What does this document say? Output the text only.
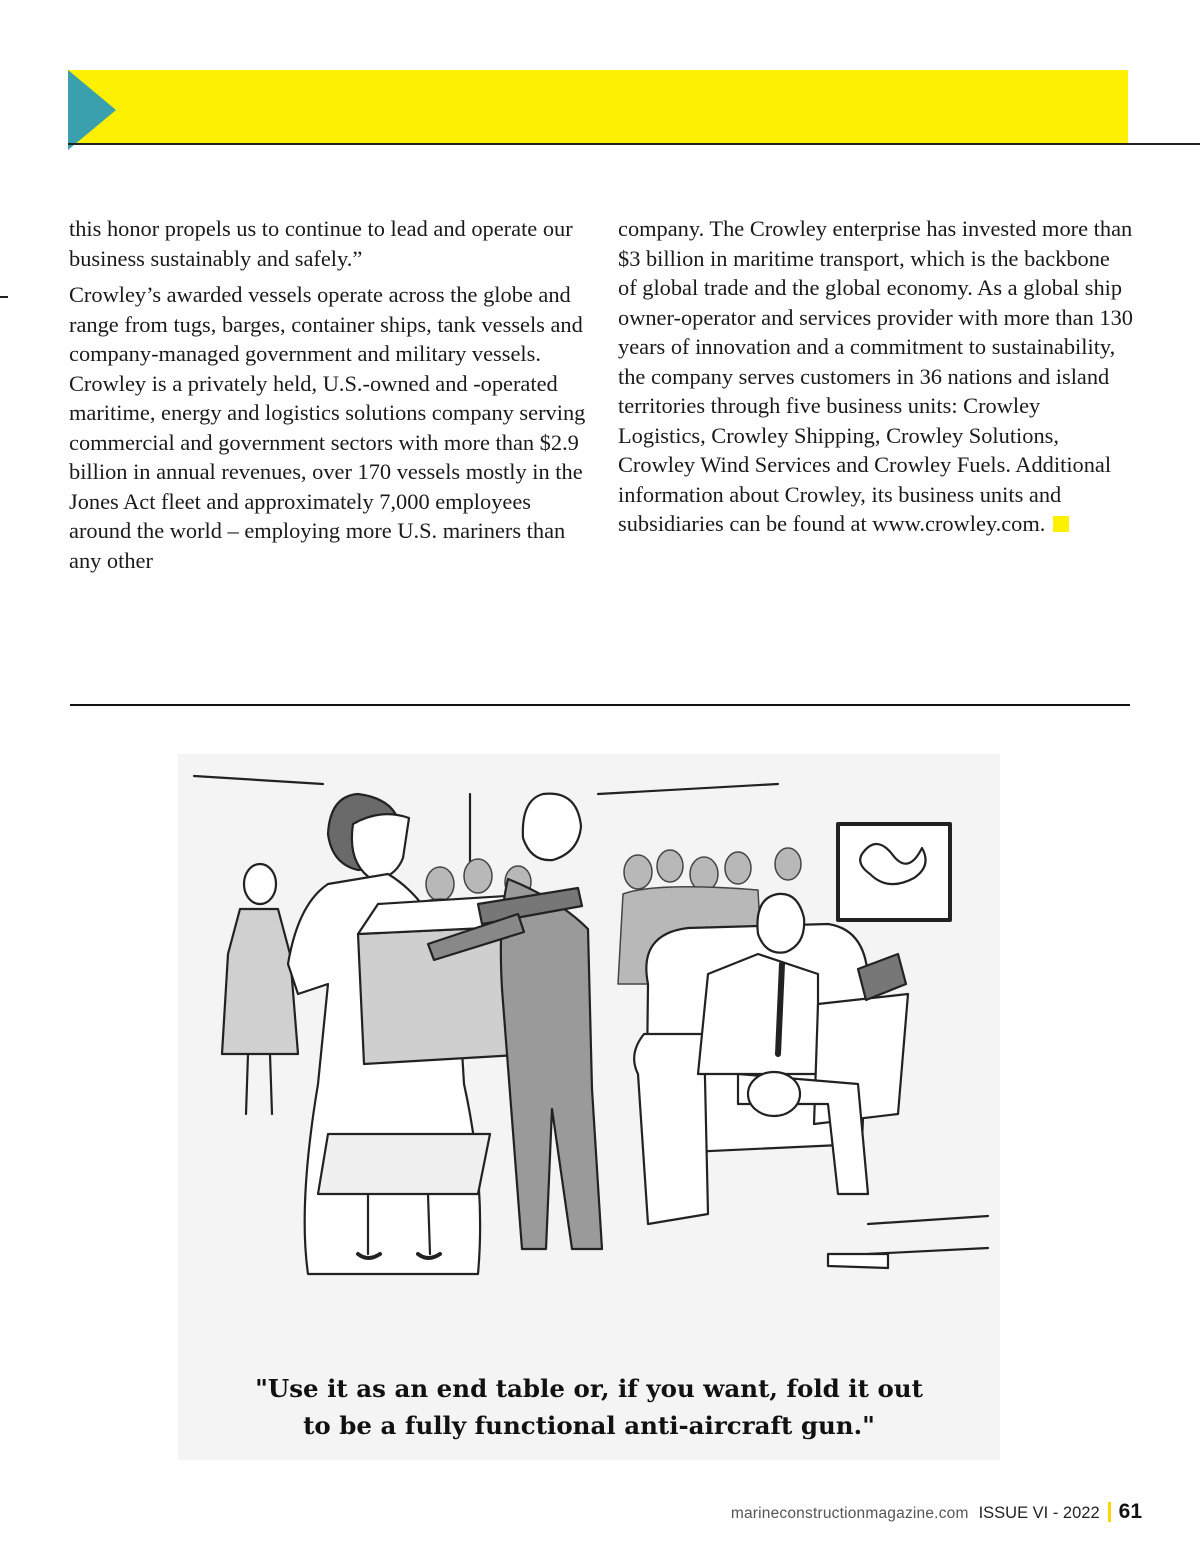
this honor propels us to continue to lead and operate our business sustainably and safely.”

Crowley’s awarded vessels operate across the globe and range from tugs, barges, container ships, tank vessels and company-managed government and military vessels.

Crowley is a privately held, U.S.-owned and -operated maritime, energy and logistics solutions company serving commercial and government sectors with more than $2.9 billion in annual revenues, over 170 vessels mostly in the Jones Act fleet and approximately 7,000 employees around the world – employing more U.S. mariners than any other

company. The Crowley enterprise has invested more than $3 billion in maritime transport, which is the backbone of global trade and the global economy. As a global ship owner-operator and services provider with more than 130 years of innovation and a commitment to sustainability, the company serves customers in 36 nations and island territories through five business units: Crowley Logistics, Crowley Shipping, Crowley Solutions, Crowley Wind Services and Crowley Fuels. Additional information about Crowley, its business units and subsidiaries can be found at www.crowley.com.

"Use it as an end table or, if you want, fold it out
to be a fully functional anti-aircraft gun."
marineconstructionmagazine.com ISSUE VI - 2022 61
